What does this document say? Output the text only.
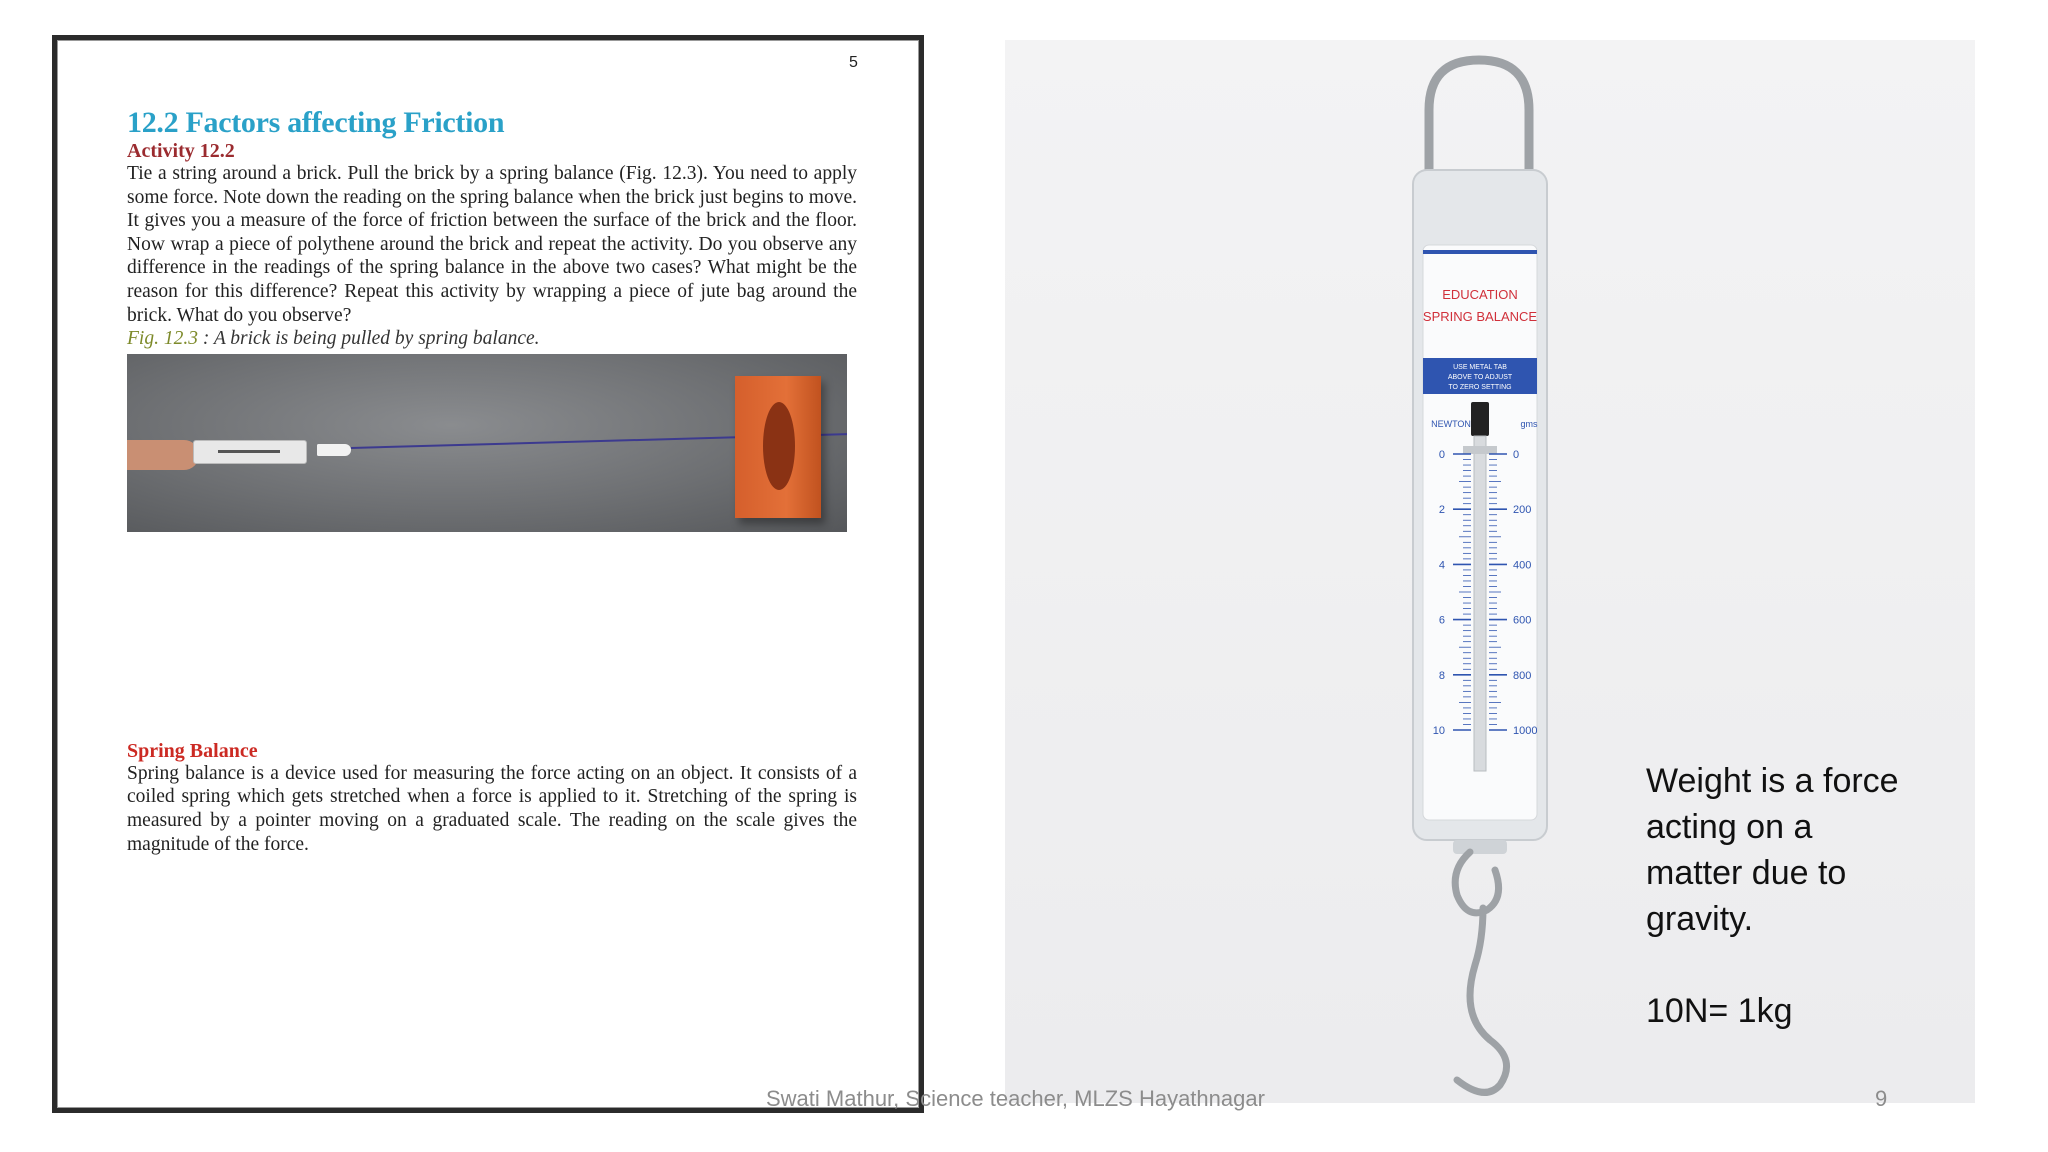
5
12.2 Factors affecting Friction
Activity 12.2

Tie a string around a brick. Pull the brick by a spring balance (Fig. 12.3). You need to apply some force. Note down the reading on the spring balance when the brick just begins to move. It gives you a measure of the force of friction between the surface of the brick and the floor. Now wrap a piece of polythene around the brick and repeat the activity. Do you observe any difference in the readings of the spring balance in the above two cases? What might be the reason for this difference? Repeat this activity by wrapping a piece of jute bag around the brick. What do you observe?

Fig. 12.3 : A brick is being pulled by spring balance.

Spring Balance

Spring balance is a device used for measuring the force acting on an object. It consists of a coiled spring which gets stretched when a force is applied to it. Stretching of the spring is measured by a pointer moving on a graduated scale. The reading on the scale gives the magnitude of the force.

EDUCATION
SPRING BALANCE
USE METAL TAB
ABOVE TO ADJUST
TO ZERO SETTING
NEWTON	gms
0	0
2	200
4	400
6	600
8	800
10	1000
Weight is a force
acting on a
matter due to
gravity.
10N= 1kg
Swati Mathur, Science teacher, MLZS Hayathnagar	9
